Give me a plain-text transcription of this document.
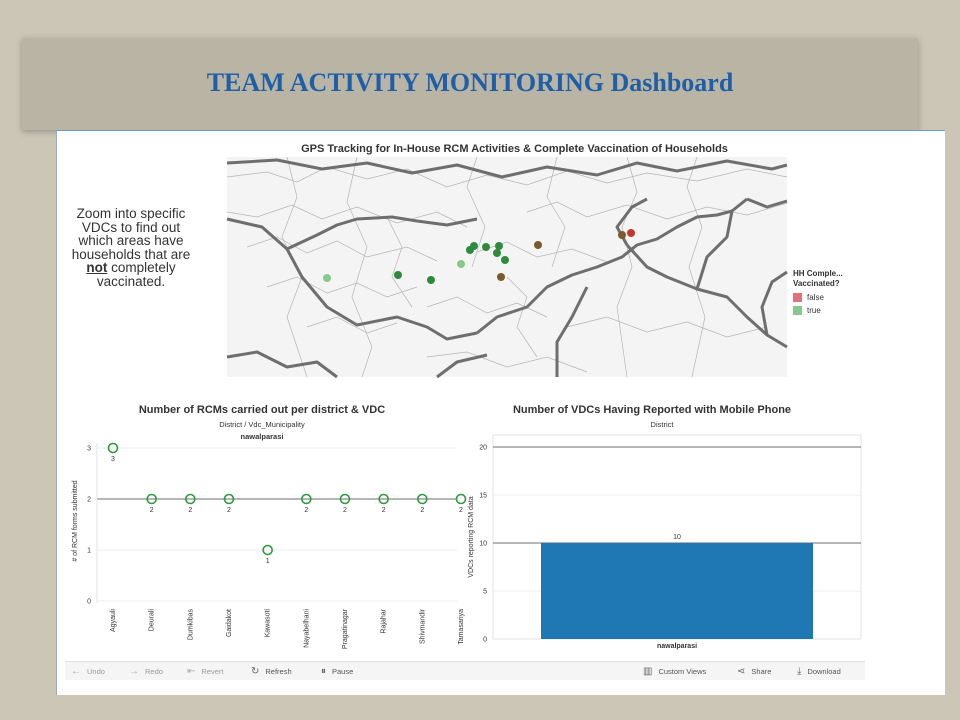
TEAM ACTIVITY MONITORING Dashboard
GPS Tracking for In-House RCM Activities & Complete Vaccination of Households
Zoom into specific VDCs to find out which areas have households that are not completely vaccinated.	HH Comple...
Vaccinated?
false
true
Number of RCMs carried out per district & VDC
District / Vdc_Municipality
nawalparasi
# of RCM forms submitted
0
1
2
3
3
2	2	2
1
2	2	2	2	2
Agyauli	Deurali	Dumkibas	Gaidakot	Kawasoti	Nayabelhani	Pragatinagar	Rajahar	Shivmandir	Tamasariya
Number of VDCs Having Reported with Mobile Phone
District
VDCs reporting RCM data
0
5
10
15
20
10
nawalparasi
← Undo → Redo ⇤ Revert	↻ Refresh	⏸ Pause	▥ Custom Views	⋖ Share	⤓ Download
